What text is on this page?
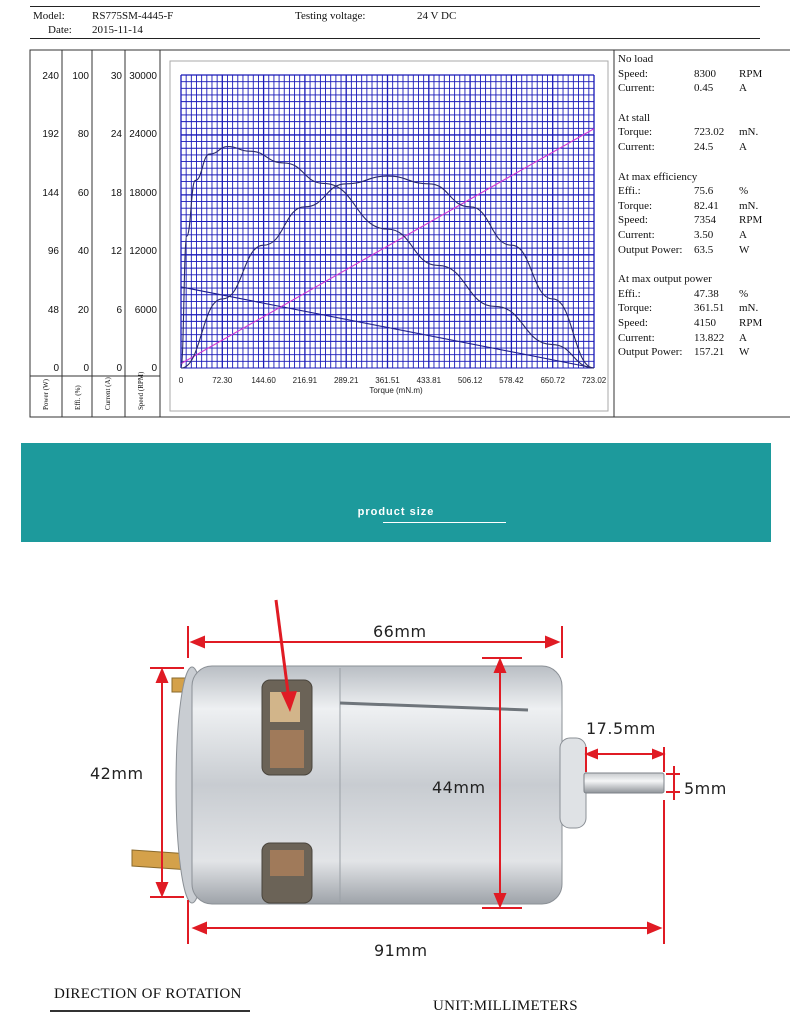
Model: RS775SM-4445-F	Testing voltage:	24 V DC
Date: 2015-11-14
240
192
144
96
48
0
Power (W)
100
80
60
40
20
0
Effi. (%)
30
24
18
12
6
0
Current (A)
30000
24000
18000
12000
6000
0
Speed (RPM)	0	72.30 144.60 216.91 289.21 361.51 433.81 506.12 578.42 650.72 723.02
Torque (mN.m)
No load
Speed:	8300	RPM
Current:	0.45	A
At stall
Torque:	723.02	mN.
Current:	24.5	A
At max efficiency
Effi.:	75.6	%
Torque:	82.41	mN.
Speed:	7354	RPM
Current:	3.50	A
Output Power:	63.5	W
At max output power
Effi.:	47.38	%
Torque:	361.51	mN.
Speed:	4150	RPM
Current:	13.822	A
Output Power:	157.21	W
product size
66mm
42mm
44mm
17.5mm
5mm
91mm
DIRECTION OF ROTATION
UNIT:MILLIMETERS
